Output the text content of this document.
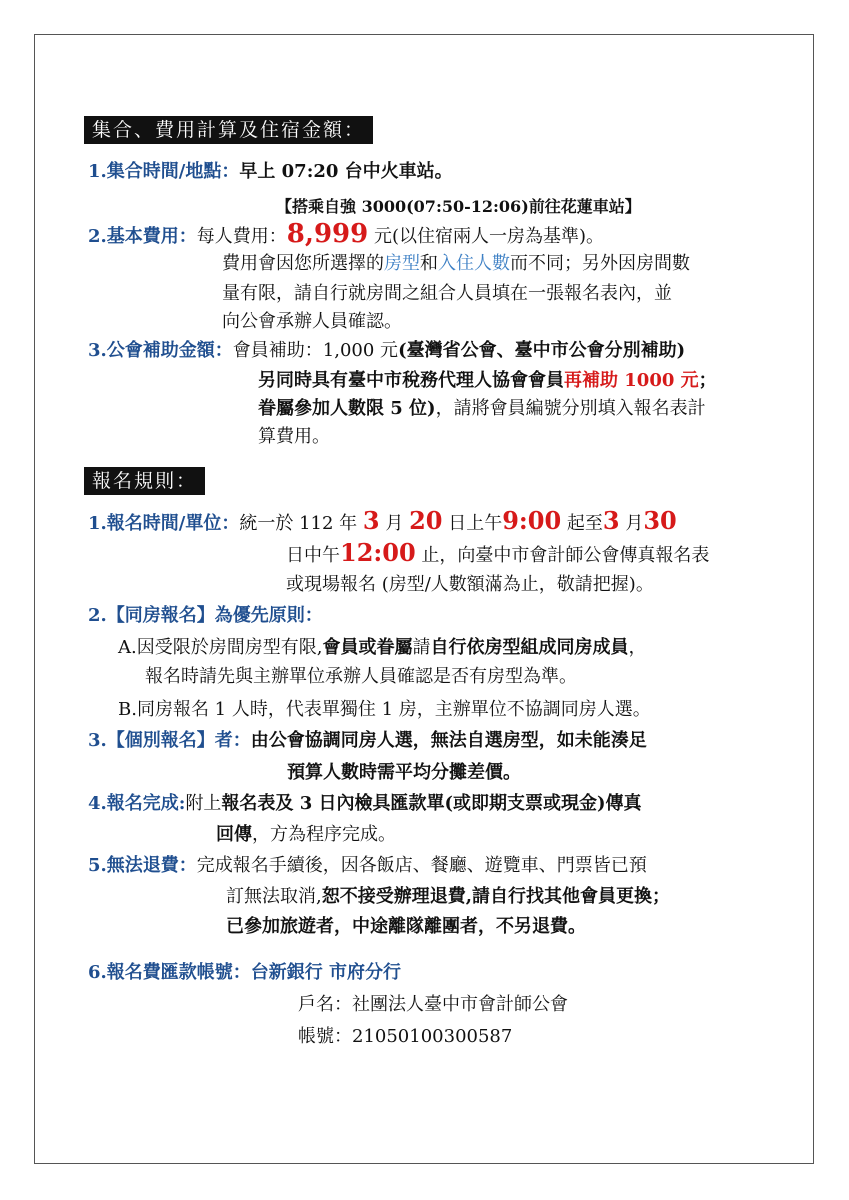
集合、費用計算及住宿金額：
1.集合時間/地點：早上 07:20 台中火車站。
【搭乘自強 3000(07:50-12:06)前往花蓮車站】
2.基本費用：每人費用：8,999 元(以住宿兩人一房為基準)。
費用會因您所選擇的房型和入住人數而不同；另外因房間數
量有限，請自行就房間之組合人員填在一張報名表內，並
向公會承辦人員確認。
3.公會補助金額：會員補助：1,000 元(臺灣省公會、臺中市公會分別補助)
另同時具有臺中市稅務代理人協會會員再補助 1000 元；
眷屬參加人數限 5 位)，請將會員編號分別填入報名表計
算費用。
報名規則：
1.報名時間/單位：統一於 112 年 3 月 20 日上午9:00 起至3 月30
日中午12:00 止，向臺中市會計師公會傳真報名表
或現場報名 (房型/人數額滿為止，敬請把握)。
2.【同房報名】為優先原則：
A.因受限於房間房型有限,會員或眷屬請自行依房型組成同房成員，
報名時請先與主辦單位承辦人員確認是否有房型為準。
B.同房報名 1 人時，代表單獨住 1 房，主辦單位不協調同房人選。
3.【個別報名】者：由公會協調同房人選，無法自選房型，如未能湊足
預算人數時需平均分攤差價。
4.報名完成:附上報名表及 3 日內檢具匯款單(或即期支票或現金)傳真
回傳，方為程序完成。
5.無法退費：完成報名手續後，因各飯店、餐廳、遊覽車、門票皆已預
訂無法取消,恕不接受辦理退費,請自行找其他會員更換；
已參加旅遊者，中途離隊離團者，不另退費。
6.報名費匯款帳號：台新銀行 市府分行
戶名：社團法人臺中市會計師公會
帳號：21050100300587
